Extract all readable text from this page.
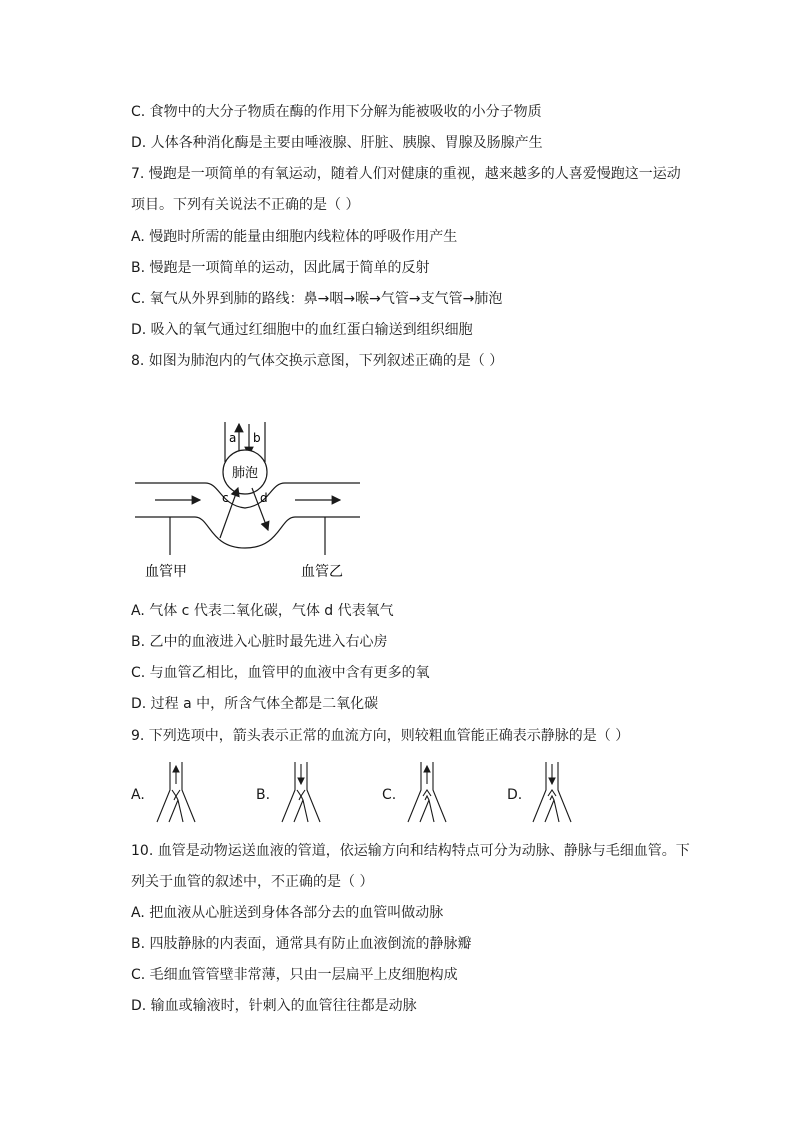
C. 食物中的大分子物质在酶的作用下分解为能被吸收的小分子物质
D. 人体各种消化酶是主要由唾液腺、肝脏、胰腺、胃腺及肠腺产生
7. 慢跑是一项简单的有氧运动，随着人们对健康的重视，越来越多的人喜爱慢跑这一运动
项目。下列有关说法不正确的是（ ）
A. 慢跑时所需的能量由细胞内线粒体的呼吸作用产生
B. 慢跑是一项简单的运动，因此属于简单的反射
C. 氧气从外界到肺的路线：鼻→咽→喉→气管→支气管→肺泡
D. 吸入的氧气通过红细胞中的血红蛋白输送到组织细胞
8. 如图为肺泡内的气体交换示意图，下列叙述正确的是（ ）
a b
肺泡
c	d
血管甲	血管乙
A. 气体 c 代表二氧化碳，气体 d 代表氧气
B. 乙中的血液进入心脏时最先进入右心房
C. 与血管乙相比，血管甲的血液中含有更多的氧
D. 过程 a 中，所含气体全都是二氧化碳
9. 下列选项中，箭头表示正常的血流方向，则较粗血管能正确表示静脉的是（ ）
A.	B.	C.	D.
10. 血管是动物运送血液的管道，依运输方向和结构特点可分为动脉、静脉与毛细血管。下
列关于血管的叙述中，不正确的是（ ）
A. 把血液从心脏送到身体各部分去的血管叫做动脉
B. 四肢静脉的内表面，通常具有防止血液倒流的静脉瓣
C. 毛细血管管壁非常薄，只由一层扁平上皮细胞构成
D. 输血或输液时，针刺入的血管往往都是动脉
